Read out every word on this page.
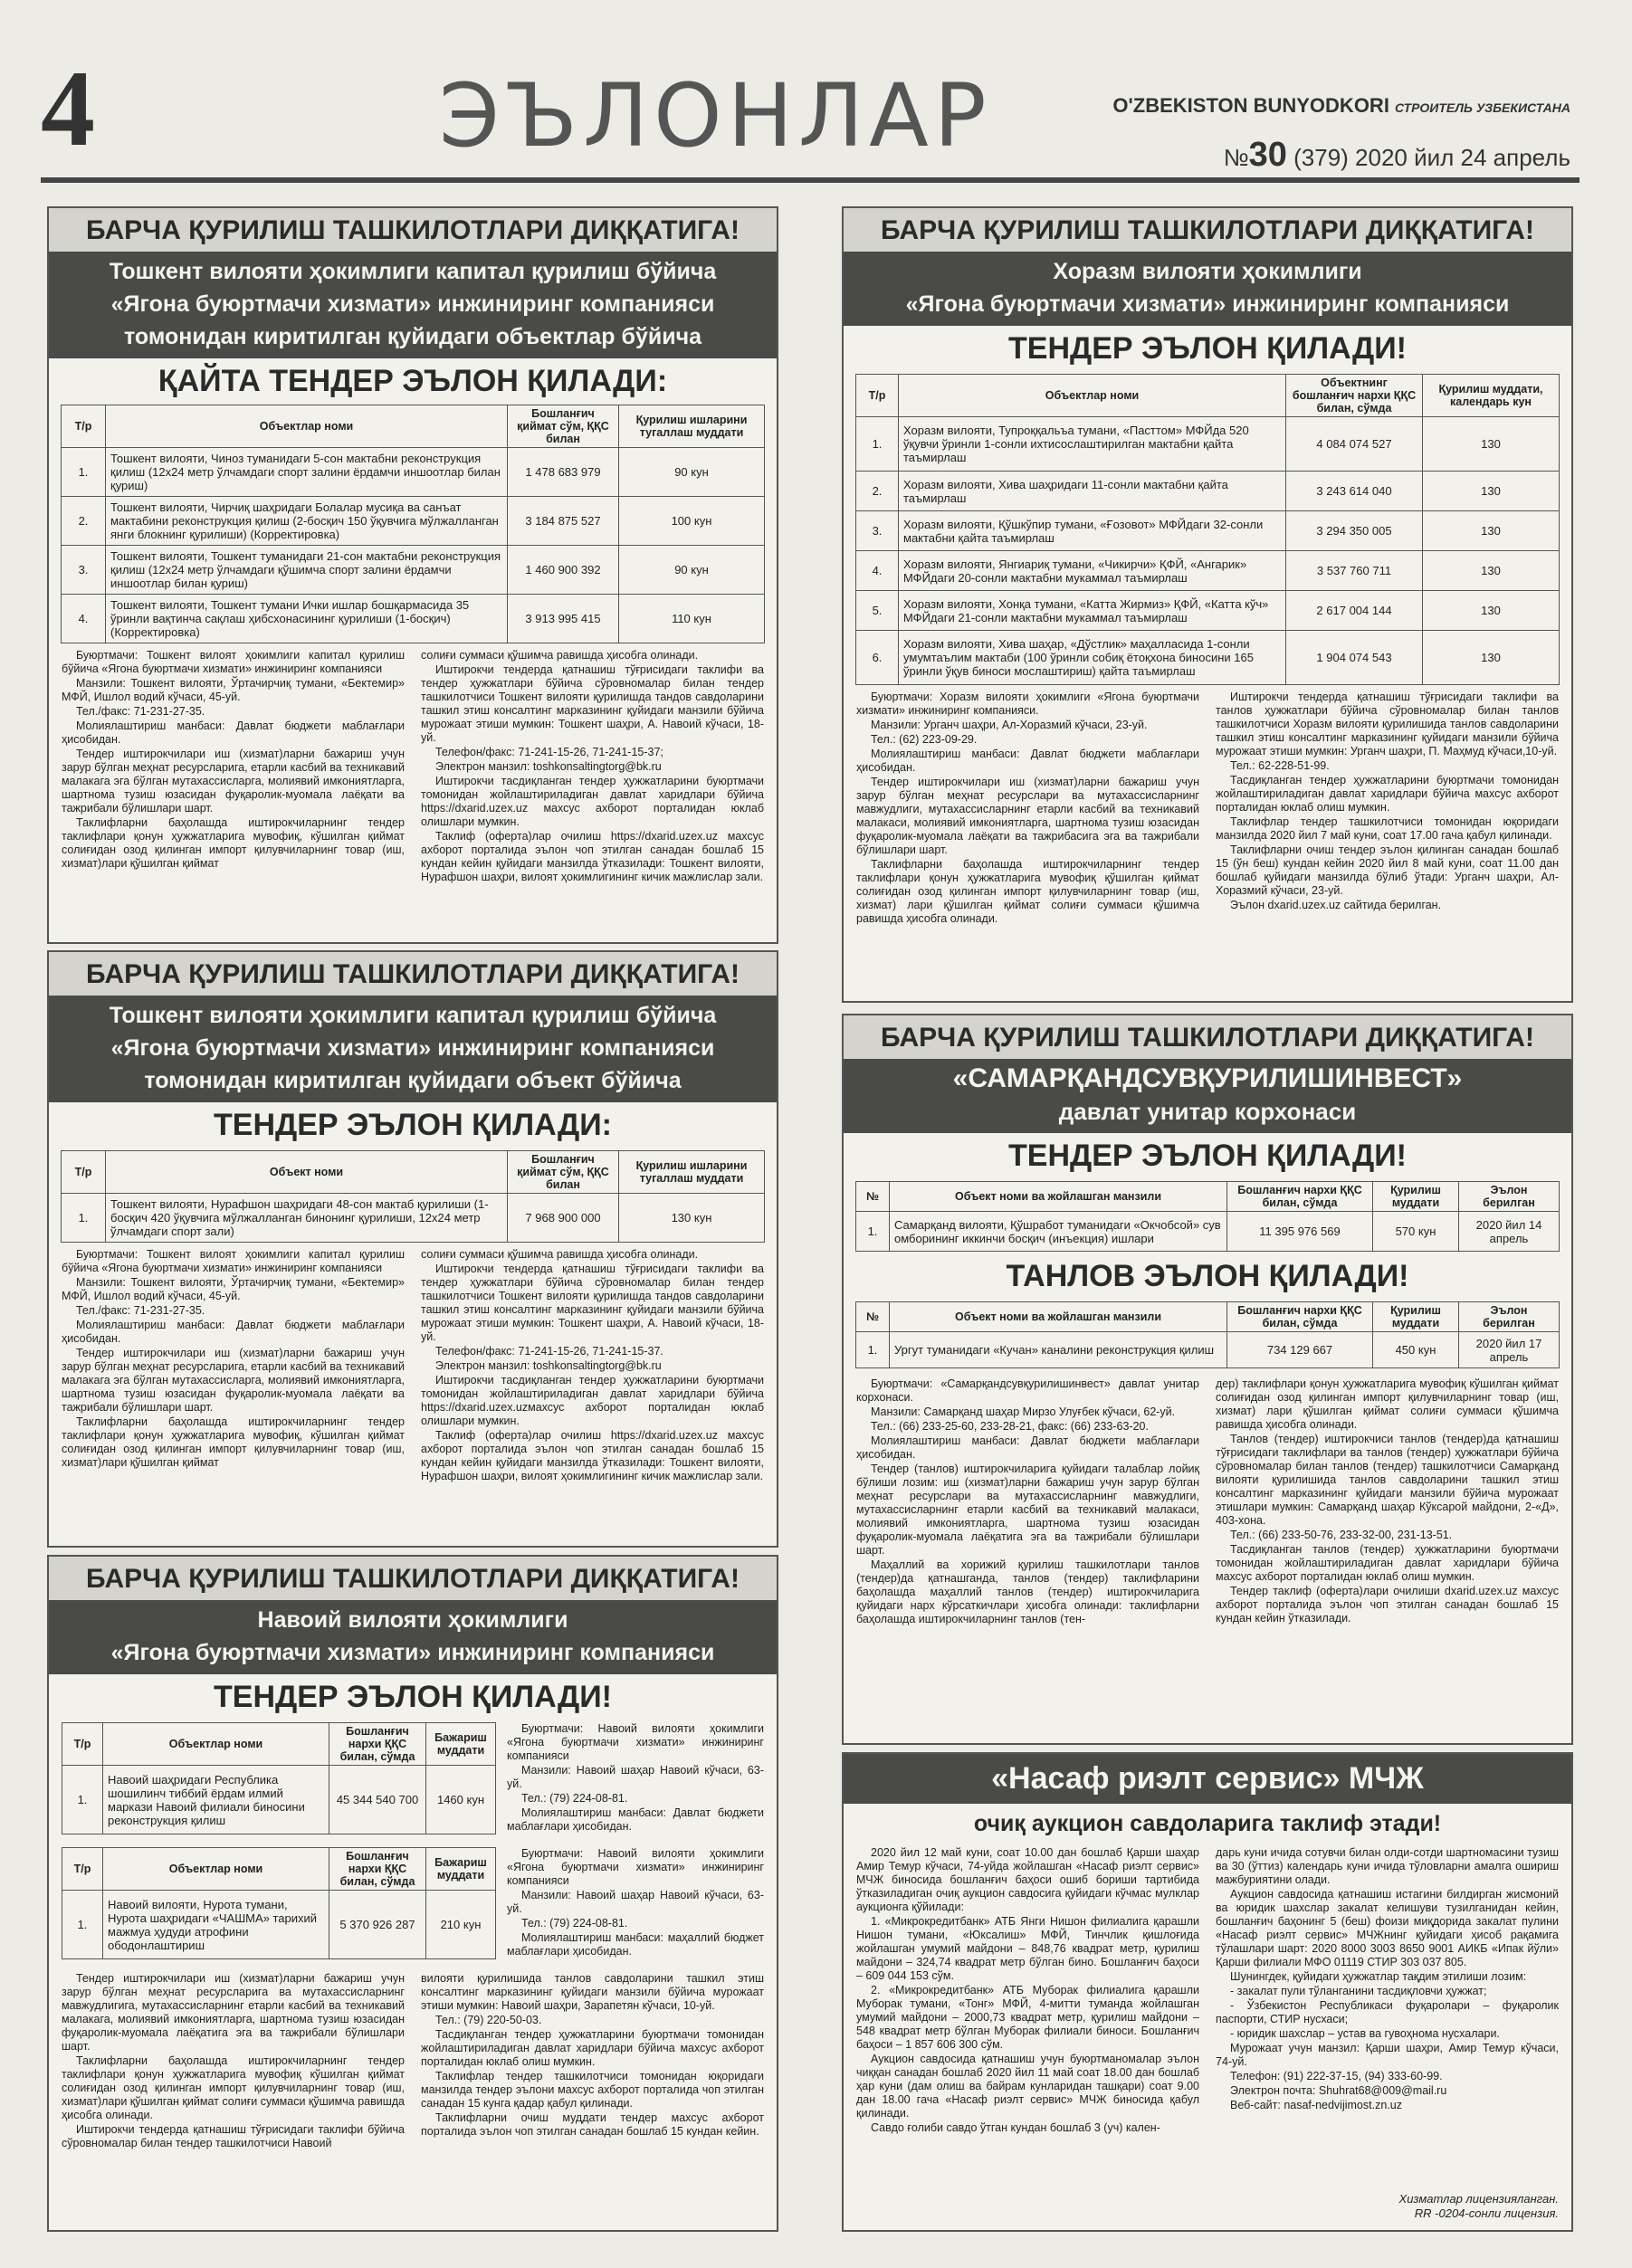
4	ЭЪЛОНЛАР	O'ZBEKISTON BUNYODKORI СТРОИТЕЛЬ УЗБЕКИСТАНА
№30 (379) 2020 йил 24 апрель
БАРЧА ҚУРИЛИШ ТАШКИЛОТЛАРИ ДИҚҚАТИГА!
Тошкент вилояти ҳокимлиги капитал қурилиш бўйича
«Ягона буюртмачи хизмати» инжиниринг компанияси
томонидан киритилган қуйидаги объектлар бўйича
ҚАЙТА ТЕНДЕР ЭЪЛОН ҚИЛАДИ:
Т/р	Объектлар номи	Бошланғич қиймат сўм, ҚҚС билан	Қурилиш ишларини тугаллаш муддати
1.	Тошкент вилояти, Чиноз туманидаги 5-сон мактабни реконструкция қилиш (12х24 метр ўлчамдаги спорт залини ёрдамчи иншоотлар билан қуриш)	1 478 683 979	90 кун
2.	Тошкент вилояти, Чирчиқ шаҳридаги Болалар мусиқа ва санъат мактабини реконструкция қилиш (2-босқич 150 ўқувчига мўлжалланган янги блокнинг қурилиши) (Корректировка)	3 184 875 527	100 кун
3.	Тошкент вилояти, Тошкент туманидаги 21-сон мактабни реконструкция қилиш (12х24 метр ўлчамдаги қўшимча спорт залини ёрдамчи иншоотлар билан қуриш)	1 460 900 392	90 кун
4.	Тошкент вилояти, Тошкент тумани Ички ишлар бошқармасида 35 ўринли вақтинча сақлаш ҳибсхонасининг қурилиши (1-босқич) (Корректировка)	3 913 995 415	110 кун

Буюртмачи: Тошкент вилоят ҳокимлиги капитал қурилиш бўйича «Ягона буюртмачи хизмати» инжиниринг компанияси

Манзили: Тошкент вилояти, Ўртачирчиқ тумани, «Бектемир» МФЙ, Ишлол водий кўчаси, 45-уй.

Тел./факс: 71-231-27-35.

Молиялаштириш манбаси: Давлат бюджети маблағлари ҳисобидан.

Тендер иштирокчилари иш (хизмат)ларни бажариш учун зарур бўлган меҳнат ресурсларига, етарли касбий ва техникавий малакага эга бўлган мутахассисларга, молиявий имкониятларга, шартнома тузиш юзасидан фуқаролик-муомала лаёқати ва тажрибали бўлишлари шарт.

Таклифларни баҳолашда иштирокчиларнинг тендер таклифлари қонун ҳужжатларига мувофиқ, кўшилган қиймат солиғидан озод қилинган импорт қилувчиларнинг товар (иш, хизмат)лари қўшилган қиймат

солиғи суммаси қўшимча равишда ҳисобга олинади.

Иштирокчи тендерда қатнашиш тўғрисидаги таклифи ва тендер ҳужжатлари бўйича сўровномалар билан тендер ташкилотчиси Тошкент вилояти қурилишда тандов савдоларини ташкил этиш консалтинг марказининг қуйидаги манзили бўйича мурожаат этиши мумкин: Тошкент шаҳри, А. Навоий кўчаси, 18-уй.

Телефон/факс: 71-241-15-26, 71-241-15-37;

Электрон манзил: toshkonsaltingtorg@bk.ru

Иштирокчи тасдиқланган тендер ҳужжатларини буюртмачи томонидан жойлаштириладиган давлат харидлари бўйича https://dxarid.uzex.uz махсус ахборот порталидан юклаб олишлари мумкин.

Таклиф (оферта)лар очилиш https://dxarid.uzex.uz махсус ахборот порталида эълон чоп этилган санадан бошлаб 15 кундан кейин қуйидаги манзилда ўтказилади: Тошкент вилояти, Нурафшон шаҳри, вилоят ҳокимлигининг кичик мажлислар зали.

БАРЧА ҚУРИЛИШ ТАШКИЛОТЛАРИ ДИҚҚАТИГА!
Тошкент вилояти ҳокимлиги капитал қурилиш бўйича
«Ягона буюртмачи хизмати» инжиниринг компанияси
томонидан киритилган қуйидаги объект бўйича
ТЕНДЕР ЭЪЛОН ҚИЛАДИ:
Т/р	Объект номи	Бошланғич қиймат сўм, ҚҚС билан	Қурилиш ишларини тугаллаш муддати
1.	Тошкент вилояти, Нурафшон шаҳридаги 48-сон мактаб қурилиши (1-босқич 420 ўқувчига мўлжалланган бинонинг қурилиши, 12х24 метр ўлчамдаги спорт зали)	7 968 900 000	130 кун

Буюртмачи: Тошкент вилоят ҳокимлиги капитал қурилиш бўйича «Ягона буюртмачи хизмати» инжиниринг компанияси

Манзили: Тошкент вилояти, Ўртачирчиқ тумани, «Бектемир» МФЙ, Ишлол водий кўчаси, 45-уй.

Тел./факс: 71-231-27-35.

Молиялаштириш манбаси: Давлат бюджети маблағлари ҳисобидан.

Тендер иштирокчилари иш (хизмат)ларни бажариш учун зарур бўлган меҳнат ресурсларига, етарли касбий ва техникавий малакага эга бўлган мутахассисларга, молиявий имкониятларга, шартнома тузиш юзасидан фуқаролик-муомала лаёқати ва тажрибали бўлишлари шарт.

Таклифларни баҳолашда иштирокчиларнинг тендер таклифлари қонун ҳужжатларига мувофиқ, кўшилган қиймат солиғидан озод қилинган импорт қилувчиларнинг товар (иш, хизмат)лари қўшилган қиймат

солиғи суммаси қўшимча равишда ҳисобга олинади.

Иштирокчи тендерда қатнашиш тўғрисидаги таклифи ва тендер ҳужжатлари бўйича сўровномалар билан тендер ташкилотчиси Тошкент вилояти қурилишда тандов савдоларини ташкил этиш консалтинг марказининг қуйидаги манзили бўйича мурожаат этиши мумкин: Тошкент шаҳри, А. Навоий кўчаси, 18-уй.

Телефон/факс: 71-241-15-26, 71-241-15-37.

Электрон манзил: toshkonsaltingtorg@bk.ru

Иштирокчи тасдиқланган тендер ҳужжатларини буюртмачи томонидан жойлаштириладиган давлат харидлари бўйича https://dxarid.uzex.uzмахсус ахборот порталидан юклаб олишлари мумкин.

Таклиф (оферта)лар очилиш https://dxarid.uzex.uz махсус ахборот порталида эълон чоп этилган санадан бошлаб 15 кундан кейин қуйидаги манзилда ўтказилади: Тошкент вилояти, Нурафшон шаҳри, вилоят ҳокимлигининг кичик мажлислар зали.

БАРЧА ҚУРИЛИШ ТАШКИЛОТЛАРИ ДИҚҚАТИГА!
Навоий вилояти ҳокимлиги
«Ягона буюртмачи хизмати» инжиниринг компанияси
ТЕНДЕР ЭЪЛОН ҚИЛАДИ!
Т/р	Объектлар номи	Бошланғич нархи ҚҚС билан, сўмда	Бажариш муддати
1.	Навоий шаҳридаги Республика шошилинч тиббий ёрдам илмий маркази Навоий филиали биносини реконструкция қилиш	45 344 540 700	1460 кун

Буюртмачи: Навоий вилояти ҳокимлиги «Ягона буюртмачи хизмати» инжиниринг компанияси

Манзили: Навоий шаҳар Навоий кўчаси, 63-уй.

Тел.: (79) 224-08-81.

Молиялаштириш манбаси: Давлат бюджети маблағлари ҳисобидан.

Т/р	Объектлар номи	Бошланғич нархи ҚҚС билан, сўмда	Бажариш муддати
1.	Навоий вилояти, Нурота тумани, Нурота шаҳридаги «ЧАШМА» тарихий мажмуа ҳудуди атрофини ободонлаштириш	5 370 926 287	210 кун

Буюртмачи: Навоий вилояти ҳокимлиги «Ягона буюртмачи хизмати» инжиниринг компанияси

Манзили: Навоий шаҳар Навоий кўчаси, 63-уй.

Тел.: (79) 224-08-81.

Молиялаштириш манбаси: маҳаллий бюджет маблағлари ҳисобидан.

Тендер иштирокчилари иш (хизмат)ларни бажариш учун зарур бўлган меҳнат ресурсларига ва мутахассисларнинг мавжудлигига, мутахассисларнинг етарли касбий ва техникавий малакага, молиявий имкониятларга, шартнома тузиш юзасидан фуқаролик-муомала лаёқатига эга ва тажрибали бўлишлари шарт.

Таклифларни баҳолашда иштирокчиларнинг тендер таклифлари қонун ҳужжатларига мувофиқ кўшилган қиймат солиғидан озод қилинган импорт қилувчиларнинг товар (иш, хизмат)лари қўшилган қиймат солиғи суммаси қўшимча равишда ҳисобга олинади.

Иштирокчи тендерда қатнашиш тўғрисидаги таклифи бўйича сўровномалар билан тендер ташкилотчиси Навоий

вилояти қурилишида танлов савдоларини ташкил этиш консалтинг марказининг қуйидаги манзили бўйича мурожаат этиши мумкин: Навоий шаҳри, Зарапетян кўчаси, 10-уй.

Тел.: (79) 220-50-03.

Тасдиқланган тендер ҳужжатларини буюртмачи томонидан жойлаштириладиган давлат харидлари бўйича махсус ахборот порталидан юклаб олиш мумкин.

Таклифлар тендер ташкилотчиси томонидан юқоридаги манзилда тендер эълони махсус ахборот порталида чоп этилган санадан 15 кунга қадар қабул қилинади.

Таклифларни очиш муддати тендер махсус ахборот порталида эълон чоп этилган санадан бошлаб 15 кундан кейин.

БАРЧА ҚУРИЛИШ ТАШКИЛОТЛАРИ ДИҚҚАТИГА!
Хоразм вилояти ҳокимлиги
«Ягона буюртмачи хизмати» инжиниринг компанияси
ТЕНДЕР ЭЪЛОН ҚИЛАДИ!
Т/р	Объектлар номи	Объектнинг бошланғич нархи ҚҚС билан, сўмда	Қурилиш муддати, календарь кун
1.	Хоразм вилояти, Тупроққальъа тумани, «Пасттом» МФЙда 520 ўқувчи ўринли 1-сонли ихтисослаштирилган мактабни қайта таъмирлаш	4 084 074 527	130
2.	Хоразм вилояти, Хива шаҳридаги 11-сонли мактабни қайта таъмирлаш	3 243 614 040	130
3.	Хоразм вилояти, Қўшкўпир тумани, «Ғозовот» МФЙдаги 32-сонли мактабни қайта таъмирлаш	3 294 350 005	130
4.	Хоразм вилояти, Янгиариқ тумани, «Чикирчи» ҚФЙ, «Ангарик» МФЙдаги 20-сонли мактабни мукаммал таъмирлаш	3 537 760 711	130
5.	Хоразм вилояти, Хонқа тумани, «Катта Жирмиз» ҚФЙ, «Катта кўч» МФЙдаги 21-сонли мактабни мукаммал таъмирлаш	2 617 004 144	130
6.	Хоразм вилояти, Хива шаҳар, «Дўстлик» маҳалласида 1-сонли умумтаълим мактаби (100 ўринли собиқ ётоқхона биносини 165 ўринли ўқув биноси мослаштириш) қайта таъмирлаш	1 904 074 543	130

Буюртмачи: Хоразм вилояти ҳокимлиги «Ягона буюртмачи хизмати» инжиниринг компанияси.

Манзили: Урганч шаҳри, Ал-Хоразмий кўчаси, 23-уй.

Тел.: (62) 223-09-29.

Молиялаштириш манбаси: Давлат бюджети маблағлари ҳисобидан.

Тендер иштирокчилари иш (хизмат)ларни бажариш учун зарур бўлган меҳнат ресурслари ва мутахассисларнинг мавжудлиги, мутахассисларнинг етарли касбий ва техникавий малакаси, молиявий имкониятларга, шартнома тузиш юзасидан фуқаролик-муомала лаёқати ва тажрибасига эга ва тажрибали бўлишлари шарт.

Таклифларни баҳолашда иштирокчиларнинг тендер таклифлари қонун ҳужжатларига мувофиқ қўшилган қиймат солиғидан озод қилинган импорт қилувчиларнинг товар (иш, хизмат) лари қўшилган қиймат солиғи суммаси қўшимча равишда ҳисобга олинади.

Иштирокчи тендерда қатнашиш тўғрисидаги таклифи ва танлов ҳужжатлари бўйича сўровномалар билан танлов ташкилотчиси Хоразм вилояти қурилишида танлов савдоларини ташкил этиш консалтинг марказининг қуйидаги манзили бўйича мурожаат этиши мумкин: Урганч шаҳри, П. Маҳмуд кўчаси,10-уй.

Тел.: 62-228-51-99.

Тасдиқланган тендер ҳужжатларини буюртмачи томонидан жойлаштириладиган давлат харидлари бўйича махсус ахборот порталидан юклаб олиш мумкин.

Таклифлар тендер ташкилотчиси томонидан юқоридаги манзилда 2020 йил 7 май куни, соат 17.00 гача қабул қилинади.

Таклифларни очиш тендер эълон қилинган санадан бошлаб 15 (ўн беш) кундан кейин 2020 йил 8 май куни, соат 11.00 дан бошлаб қуйидаги манзилда бўлиб ўтади: Урганч шаҳри, Ал-Хоразмий кўчаси, 23-уй.

Эълон dxarid.uzex.uz сайтида берилган.

БАРЧА ҚУРИЛИШ ТАШКИЛОТЛАРИ ДИҚҚАТИГА!
«САМАРҚАНДСУВҚУРИЛИШИНВЕСТ»
давлат унитар корхонаси
ТЕНДЕР ЭЪЛОН ҚИЛАДИ!
№	Объект номи ва жойлашган манзили	Бошланғич нархи ҚҚС билан, сўмда	Қурилиш муддати	Эълон берилган
1.	Самарқанд вилояти, Қўшработ туманидаги «Окчобсой» сув омборининг иккинчи босқич (инъекция) ишлари	11 395 976 569	570 кун	2020 йил 14 апрель
ТАНЛОВ ЭЪЛОН ҚИЛАДИ!
№	Объект номи ва жойлашган манзили	Бошланғич нархи ҚҚС билан, сўмда	Қурилиш муддати	Эълон берилган
1.	Ургут туманидаги «Кучан» каналини реконструкция қилиш	734 129 667	450 кун	2020 йил 17 апрель

Буюртмачи: «Самарқандсувқурилишинвест» давлат унитар корхонаси.

Манзили: Самарқанд шаҳар Мирзо Улуғбек кўчаси, 62-уй.

Тел.: (66) 233-25-60, 233-28-21, факс: (66) 233-63-20.

Молиялаштириш манбаси: Давлат бюджети маблағлари ҳисобидан.

Тендер (танлов) иштирокчиларига қуйидаги талаблар лойиқ бўлиши лозим: иш (хизмат)ларни бажариш учун зарур бўлган меҳнат ресурслари ва мутахассисларнинг мавжудлиги, мутахассисларнинг етарли касбий ва техникавий малакаси, молиявий имкониятларга, шартнома тузиш юзасидан фуқаролик-муомала лаёқатига эга ва тажрибали бўлишлари шарт.

Маҳаллий ва хорижий қурилиш ташкилотлари танлов (тендер)да қатнашганда, танлов (тендер) таклифларини баҳолашда маҳаллий танлов (тендер) иштирокчиларига қуйидаги нарх кўрсаткичлари ҳисобга олинади: таклифларни баҳолашда иштирокчиларнинг танлов (тен-

дер) таклифлари қонун ҳужжатларига мувофиқ кўшилган қиймат солиғидан озод қилинган импорт қилувчиларнинг товар (иш, хизмат) лари қўшилган қиймат солиғи суммаси қўшимча равишда ҳисобга олинади.

Танлов (тендер) иштирокчиси танлов (тендер)да қатнашиш тўғрисидаги таклифлари ва танлов (тендер) ҳужжатлари бўйича сўровномалар билан танлов (тендер) ташкилотчиси Самарқанд вилояти қурилишида танлов савдоларини ташкил этиш консалтинг марказининг қуйидаги манзили бўйича мурожаат этишлари мумкин: Самарқанд шаҳар Кўксарой майдони, 2-«Д», 403-хона.

Тел.: (66) 233-50-76, 233-32-00, 231-13-51.

Тасдиқланган танлов (тендер) ҳужжатларини буюртмачи томонидан жойлаштириладиган давлат харидлари бўйича махсус ахборот порталидан юклаб олиш мумкин.

Тендер таклиф (оферта)лари очилиши dxarid.uzex.uz махсус ахборот порталида эълон чоп этилган санадан бошлаб 15 кундан кейин ўтказилади.

«Насаф риэлт сервис» МЧЖ
очиқ аукцион савдоларига таклиф этади!

2020 йил 12 май куни, соат 10.00 дан бошлаб Қарши шаҳар Амир Темур кўчаси, 74-уйда жойлашган «Насаф риэлт сервис» МЧЖ биносида бошланғич баҳоси ошиб бориши тартибида ўтказиладиган очиқ аукцион савдосига қуйидаги кўчмас мулклар аукционга қўйилади:

1. «Микрокредитбанк» АТБ Янги Нишон филиалига қарашли Нишон тумани, «Юксалиш» МФЙ, Тинчлик қишлоғида жойлашган умумий майдони – 848,76 квадрат метр, қурилиш майдони – 324,74 квадрат метр бўлган бино. Бошланғич баҳоси – 609 044 153 сўм.

2. «Микрокредитбанк» АТБ Муборак филиалига қарашли Муборак тумани, «Тонг» МФЙ, 4-митти туманда жойлашган умумий майдони – 2000,73 квадрат метр, қурилиш майдони – 548 квадрат метр бўлган Муборак филиали биноси. Бошланғич баҳоси – 1 857 606 300 сўм.

Аукцион савдосида қатнашиш учун буюртманомалар эълон чиққан санадан бошлаб 2020 йил 11 май соат 18.00 дан бошлаб ҳар куни (дам олиш ва байрам кунларидан ташқари) соат 9.00 дан 18.00 гача «Насаф риэлт сервис» МЧЖ биносида қабул қилинади.

Савдо ғолиби савдо ўтган кундан бошлаб 3 (уч) кален-

дарь куни ичида сотувчи билан олди-сотди шартномасини тузиш ва 30 (ўттиз) календарь куни ичида тўловларни амалга ошириш мажбуриятини олади.

Аукцион савдосида қатнашиш истагини билдирган жисмоний ва юридик шахслар закалат келишуви тузилганидан кейин, бошланғич баҳонинг 5 (беш) фоизи миқдорида закалат пулини «Насаф риэлт сервис» МЧЖнинг қуйидаги ҳисоб рақамига тўлашлари шарт: 2020 8000 3003 8650 9001 АИКБ «Ипак йўли» Қарши филиали МФО 01119 СТИР 303 037 805.

Шунингдек, қуйидаги ҳужжатлар тақдим этилиши лозим:

- закалат пули тўланганини тасдиқловчи ҳужжат;

- Ўзбекистон Республикаси фуқаролари – фуқаролик паспорти, СТИР нусхаси;

- юридик шахслар – устав ва гувоҳнома нусхалари.

Мурожаат учун манзил: Қарши шаҳри, Амир Темур кўчаси, 74-уй.

Телефон: (91) 222-37-15, (94) 333-60-99.

Электрон почта: Shuhrat68@009@mail.ru

Веб-сайт: nasaf-nedvijimost.zn.uz

Хизматлар лицензияланган.
RR -0204-сонли лицензия.
